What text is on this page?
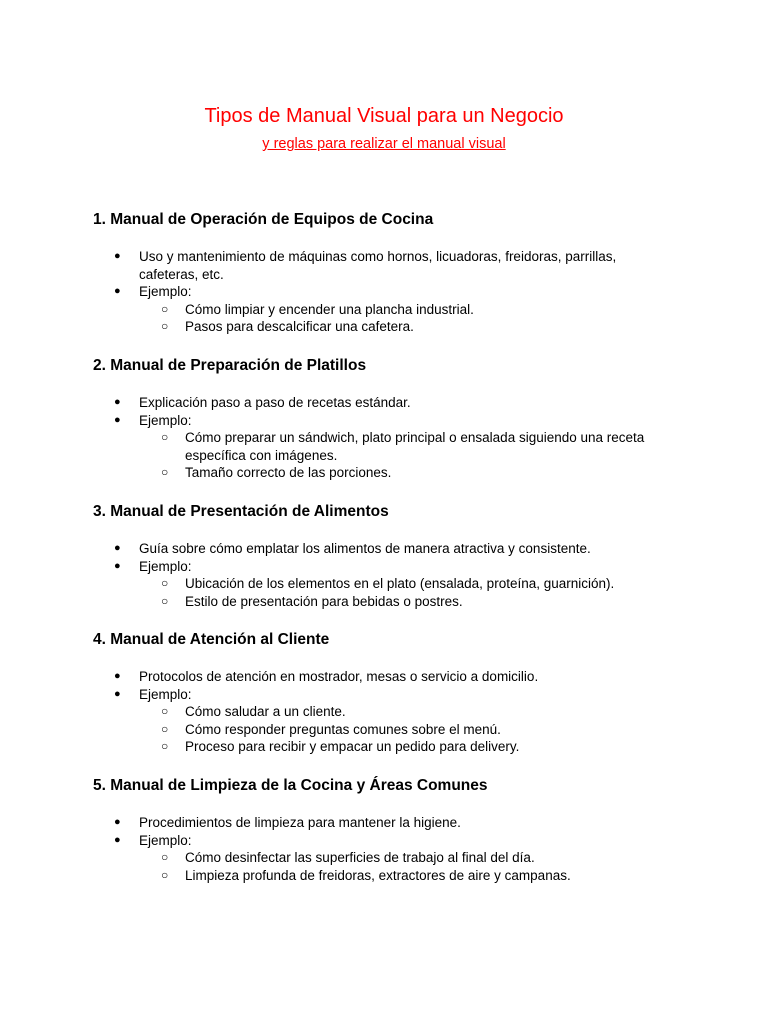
Tipos de Manual Visual para un Negocio
y reglas para realizar el manual visual
1. Manual de Operación de Equipos de Cocina
● Uso y mantenimiento de máquinas como hornos, licuadoras, freidoras, parrillas, cafeteras, etc.
● Ejemplo:
○ Cómo limpiar y encender una plancha industrial.
○ Pasos para descalcificar una cafetera.
2. Manual de Preparación de Platillos
● Explicación paso a paso de recetas estándar.
● Ejemplo:
○ Cómo preparar un sándwich, plato principal o ensalada siguiendo una receta específica con imágenes.
○ Tamaño correcto de las porciones.
3. Manual de Presentación de Alimentos
● Guía sobre cómo emplatar los alimentos de manera atractiva y consistente.
● Ejemplo:
○ Ubicación de los elementos en el plato (ensalada, proteína, guarnición).
○ Estilo de presentación para bebidas o postres.
4. Manual de Atención al Cliente
● Protocolos de atención en mostrador, mesas o servicio a domicilio.
● Ejemplo:
○ Cómo saludar a un cliente.
○ Cómo responder preguntas comunes sobre el menú.
○ Proceso para recibir y empacar un pedido para delivery.
5. Manual de Limpieza de la Cocina y Áreas Comunes
● Procedimientos de limpieza para mantener la higiene.
● Ejemplo:
○ Cómo desinfectar las superficies de trabajo al final del día.
○ Limpieza profunda de freidoras, extractores de aire y campanas.
